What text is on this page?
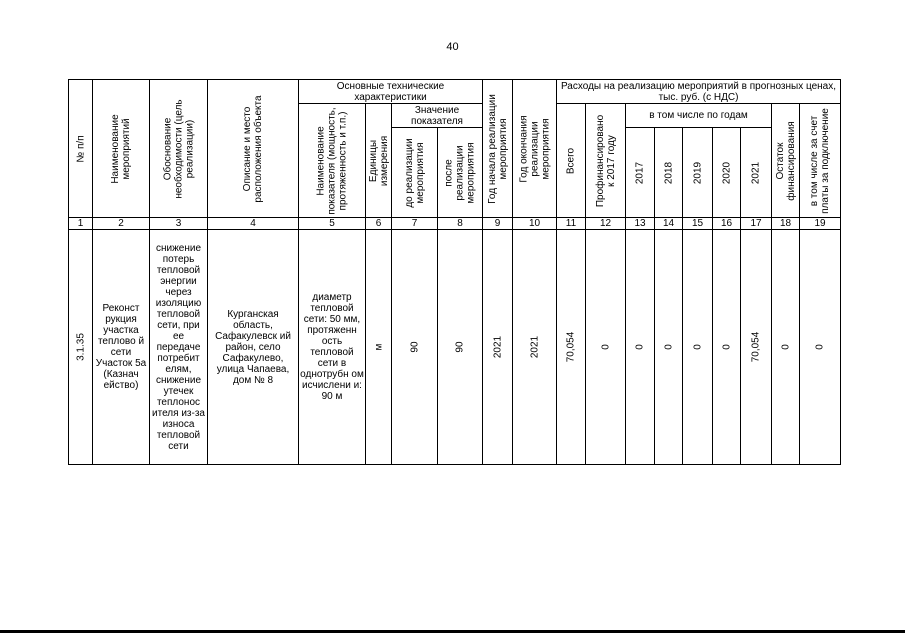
40
№ п/п	Наименование мероприятий	Обоснование необходимости (цель реализации)	Описание и место расположения объекта	Основные технические характеристики				Год начала реализации мероприятия	Год окончания реализации мероприятия	Расходы на реализацию мероприятий в прогнозных ценах, тыс. руб. (с НДС)								

				Наименование показателя (мощность, протяженность и т.п.)	Единицы измерения	Значение показателя				Всего	Профинансировано к 2017 году	в том числе по годам					Остаток финансирования	в том числе за счет платы за подключение

						до реализации мероприятия	после реализации мероприятия					2017	2018	2019	2020	2021		

1	2	3	4	5	6	7	8	9	10	11	12	13	14	15	16	17	18	19

3.1.35	Реконст рукция участка теплово й сети Участок 5а (Казнач ейство)	снижение потерь тепловой энергии через изоляцию тепловой сети, при ее передаче потребит елям, снижение утечек теплонос ителя из-за износа тепловой сети	Курганская область, Сафакулевск ий район, село Сафакулево, улица Чапаева, дом № 8	диаметр тепловой сети: 50 мм, протяженн ость тепловой сети в однотрубн ом исчислени и: 90 м	м	90	90	2021	2021	70,054	0	0	0	0	0	70,054	0	0
